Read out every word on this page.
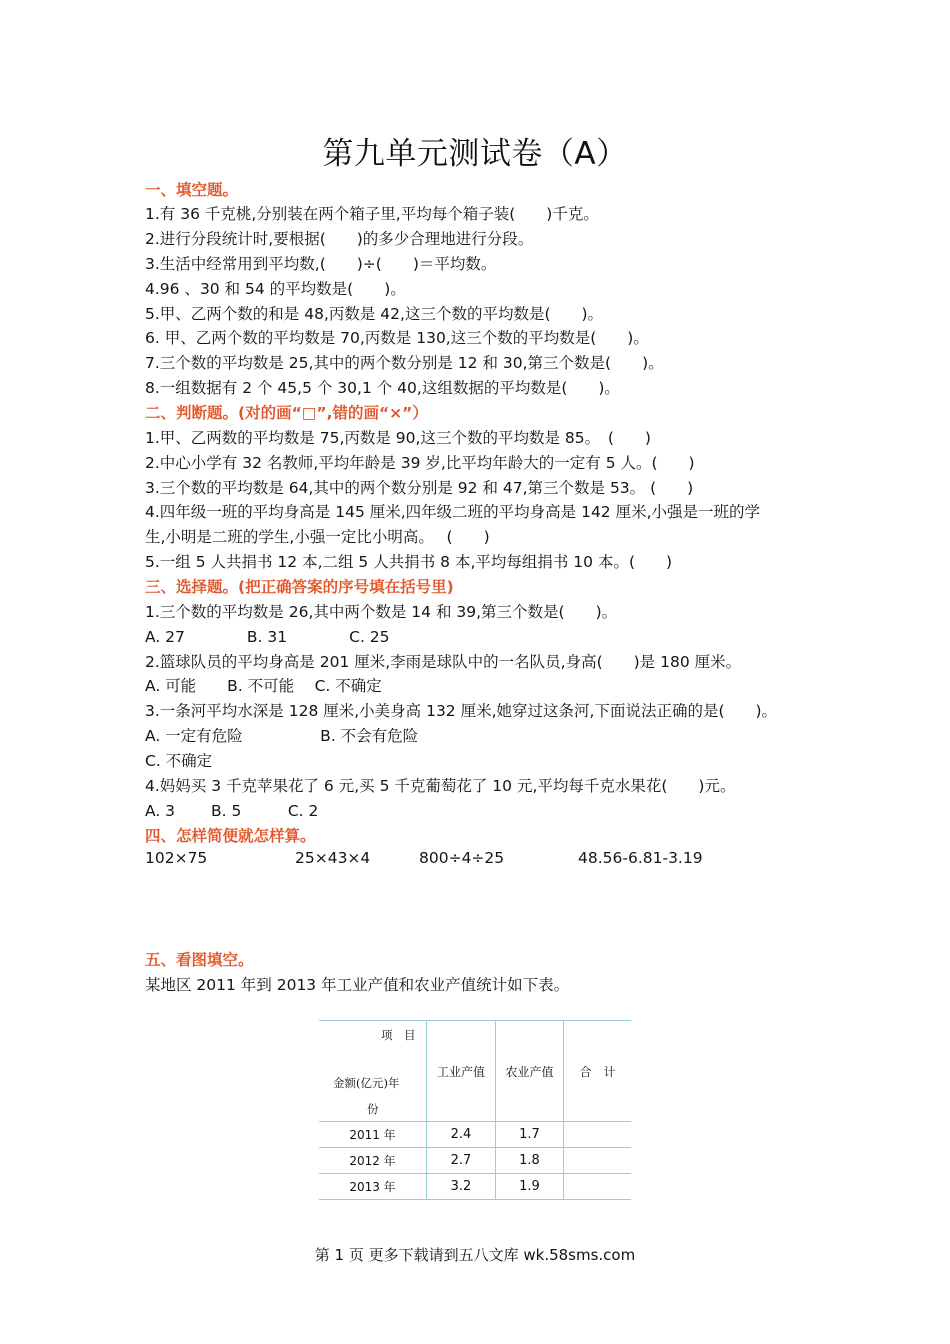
第九单元测试卷（A）
一、填空题。
1.有 36 千克桃,分别装在两个箱子里,平均每个箱子装(　　)千克。
2.进行分段统计时,要根据(　　)的多少合理地进行分段。
3.生活中经常用到平均数,(　　)÷(　　)＝平均数。
4.96 、30 和 54 的平均数是(　　)。
5.甲、乙两个数的和是 48,丙数是 42,这三个数的平均数是(　　)。
6. 甲、乙两个数的平均数是 70,丙数是 130,这三个数的平均数是(　　)。
7.三个数的平均数是 25,其中的两个数分别是 12 和 30,第三个数是(　　)。
8.一组数据有 2 个 45,5 个 30,1 个 40,这组数据的平均数是(　　)。
二、判断题。(对的画“□”,错的画“×”）
1.甲、乙两数的平均数是 75,丙数是 90,这三个数的平均数是 85。　(　　)
2.中心小学有 32 名教师,平均年龄是 39 岁,比平均年龄大的一定有 5 人。(　　)
3.三个数的平均数是 64,其中的两个数分别是 92 和 47,第三个数是 53。 (　　)
4.四年级一班的平均身高是 145 厘米,四年级二班的平均身高是 142 厘米,小强是一班的学
生,小明是二班的学生,小强一定比小明高。　 (　　)
5.一组 5 人共捐书 12 本,二组 5 人共捐书 8 本,平均每组捐书 10 本。(　　)
三、选择题。(把正确答案的序号填在括号里)
1.三个数的平均数是 26,其中两个数是 14 和 39,第三个数是(　　)。
A. 27　　　　B. 31　　　　C. 25
2.篮球队员的平均身高是 201 厘米,李雨是球队中的一名队员,身高(　　)是 180 厘米。
A. 可能　　B. 不可能　 C. 不确定
3.一条河平均水深是 128 厘米,小美身高 132 厘米,她穿过这条河,下面说法正确的是(　　)。
A. 一定有危险　　　　　B. 不会有危险
C. 不确定
4.妈妈买 3 千克苹果花了 6 元,买 5 千克葡萄花了 10 元,平均每千克水果花(　　)元。
A. 3　　 B. 5　　　C. 2
四、怎样简便就怎样算。
102×75	25×43×4	800÷4÷25	48.56-6.81-3.19
五、看图填空。
某地区 2011 年到 2013 年工业产值和农业产值统计如下表。
项　目
金额(亿元)年
份	工业产值	农业产值	合　计
2011 年	2.4	1.7	
2012 年	2.7	1.8	
2013 年	3.2	1.9	
第 1 页 更多下载请到五八文库 wk.58sms.com
